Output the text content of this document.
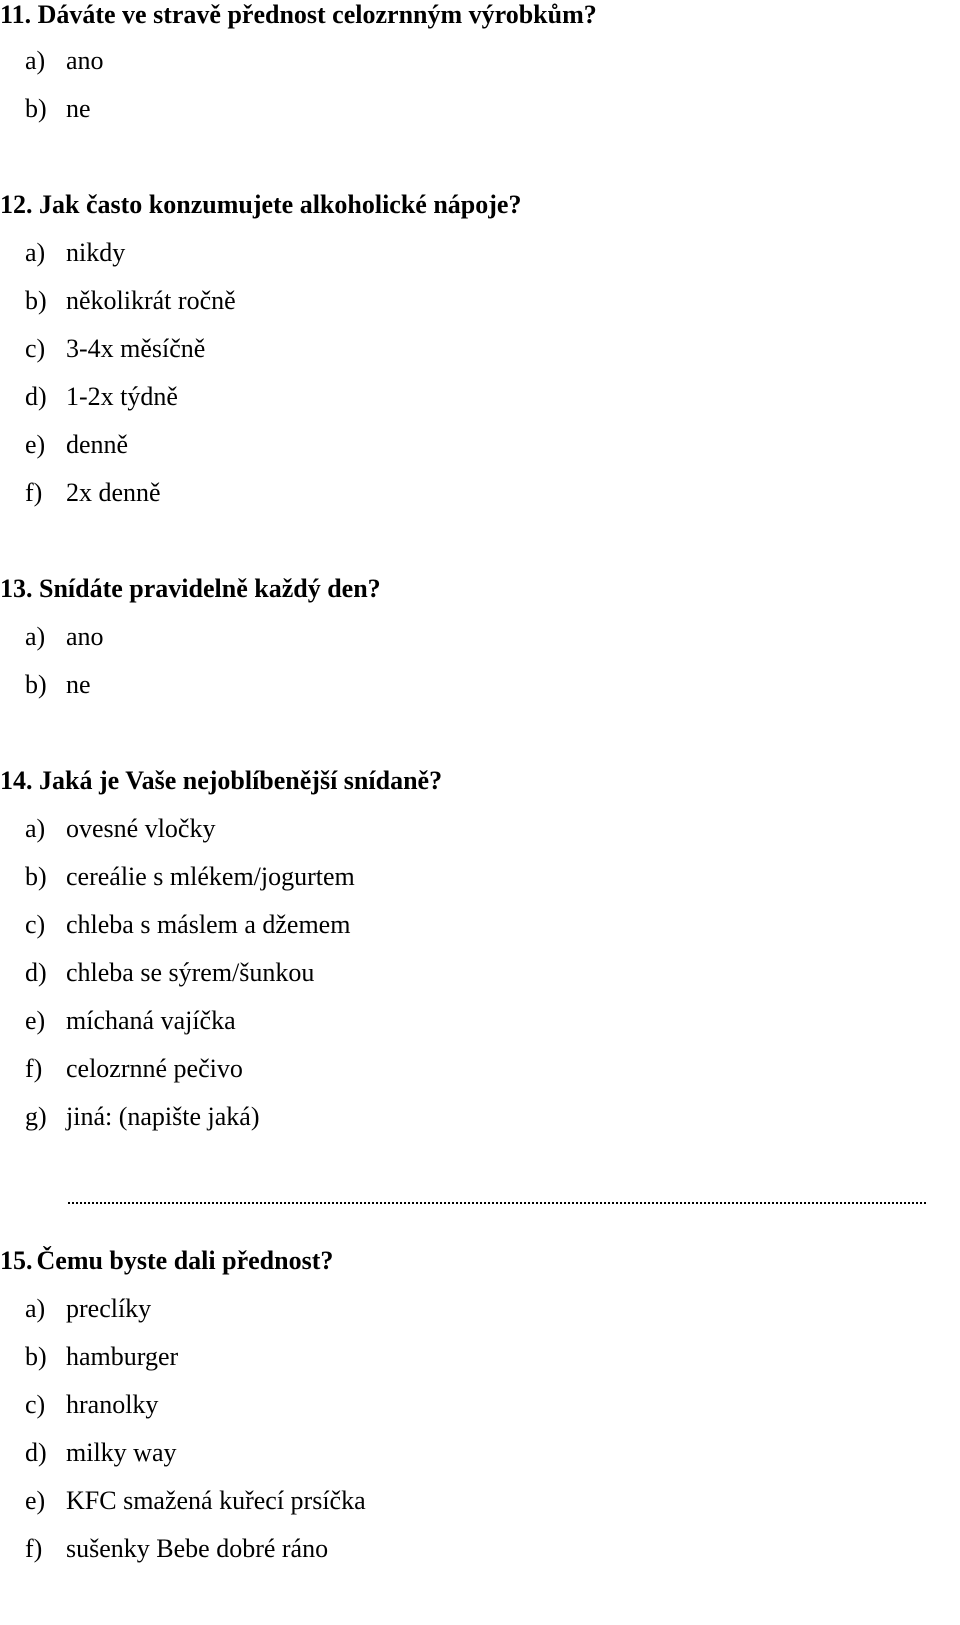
11. Dáváte ve stravě přednost celozrnným výrobkům?
a) ano
b) ne
12. Jak často konzumujete alkoholické nápoje?
a) nikdy
b) několikrát ročně
c) 3-4x měsíčně
d) 1-2x týdně
e) denně
f) 2x denně
13. Snídáte pravidelně každý den?
a) ano
b) ne
14. Jaká je Vaše nejoblíbenější snídaně?
a) ovesné vločky
b) cereálie s mlékem/jogurtem
c) chleba s máslem a džemem
d) chleba se sýrem/šunkou
e) míchaná vajíčka
f) celozrnné pečivo
g) jiná: (napište jaká)
15. Čemu byste dali přednost?
a) preclíky
b) hamburger
c) hranolky
d) milky way
e) KFC smažená kuřecí prsíčka
f) sušenky Bebe dobré ráno
